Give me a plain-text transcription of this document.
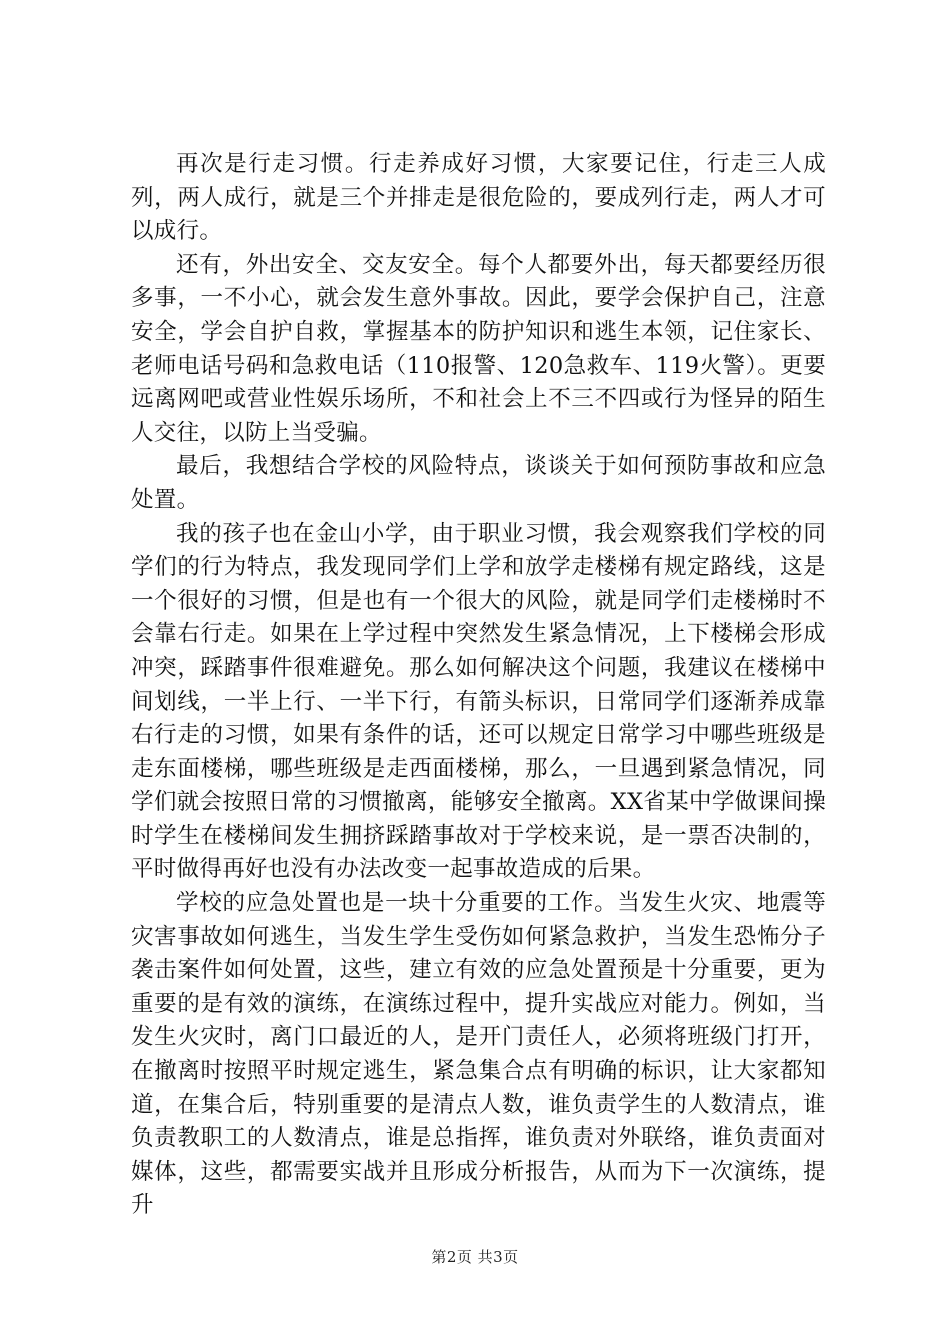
再次是行走习惯。行走养成好习惯，大家要记住，行走三人成列，两人成行，就是三个并排走是很危险的，要成列行走，两人才可以成行。

还有，外出安全、交友安全。每个人都要外出，每天都要经历很多事，一不小心，就会发生意外事故。因此，要学会保护自己，注意安全，学会自护自救，掌握基本的防护知识和逃生本领，记住家长、老师电话号码和急救电话（110报警、120急救车、119火警）。更要远离网吧或营业性娱乐场所，不和社会上不三不四或行为怪异的陌生人交往，以防上当受骗。

最后，我想结合学校的风险特点，谈谈关于如何预防事故和应急处置。

我的孩子也在金山小学，由于职业习惯，我会观察我们学校的同学们的行为特点，我发现同学们上学和放学走楼梯有规定路线，这是一个很好的习惯，但是也有一个很大的风险，就是同学们走楼梯时不会靠右行走。如果在上学过程中突然发生紧急情况，上下楼梯会形成冲突，踩踏事件很难避免。那么如何解决这个问题，我建议在楼梯中间划线，一半上行、一半下行，有箭头标识，日常同学们逐渐养成靠右行走的习惯，如果有条件的话，还可以规定日常学习中哪些班级是走东面楼梯，哪些班级是走西面楼梯，那么，一旦遇到紧急情况，同学们就会按照日常的习惯撤离，能够安全撤离。XX省某中学做课间操时学生在楼梯间发生拥挤踩踏事故对于学校来说，是一票否决制的，平时做得再好也没有办法改变一起事故造成的后果。

学校的应急处置也是一块十分重要的工作。当发生火灾、地震等灾害事故如何逃生，当发生学生受伤如何紧急救护，当发生恐怖分子袭击案件如何处置，这些，建立有效的应急处置预是十分重要，更为重要的是有效的演练，在演练过程中，提升实战应对能力。例如，当发生火灾时，离门口最近的人，是开门责任人，必须将班级门打开，在撤离时按照平时规定逃生，紧急集合点有明确的标识，让大家都知道，在集合后，特别重要的是清点人数，谁负责学生的人数清点，谁负责教职工的人数清点，谁是总指挥，谁负责对外联络，谁负责面对媒体，这些，都需要实战并且形成分析报告，从而为下一次演练，提升

第2页 共3页
